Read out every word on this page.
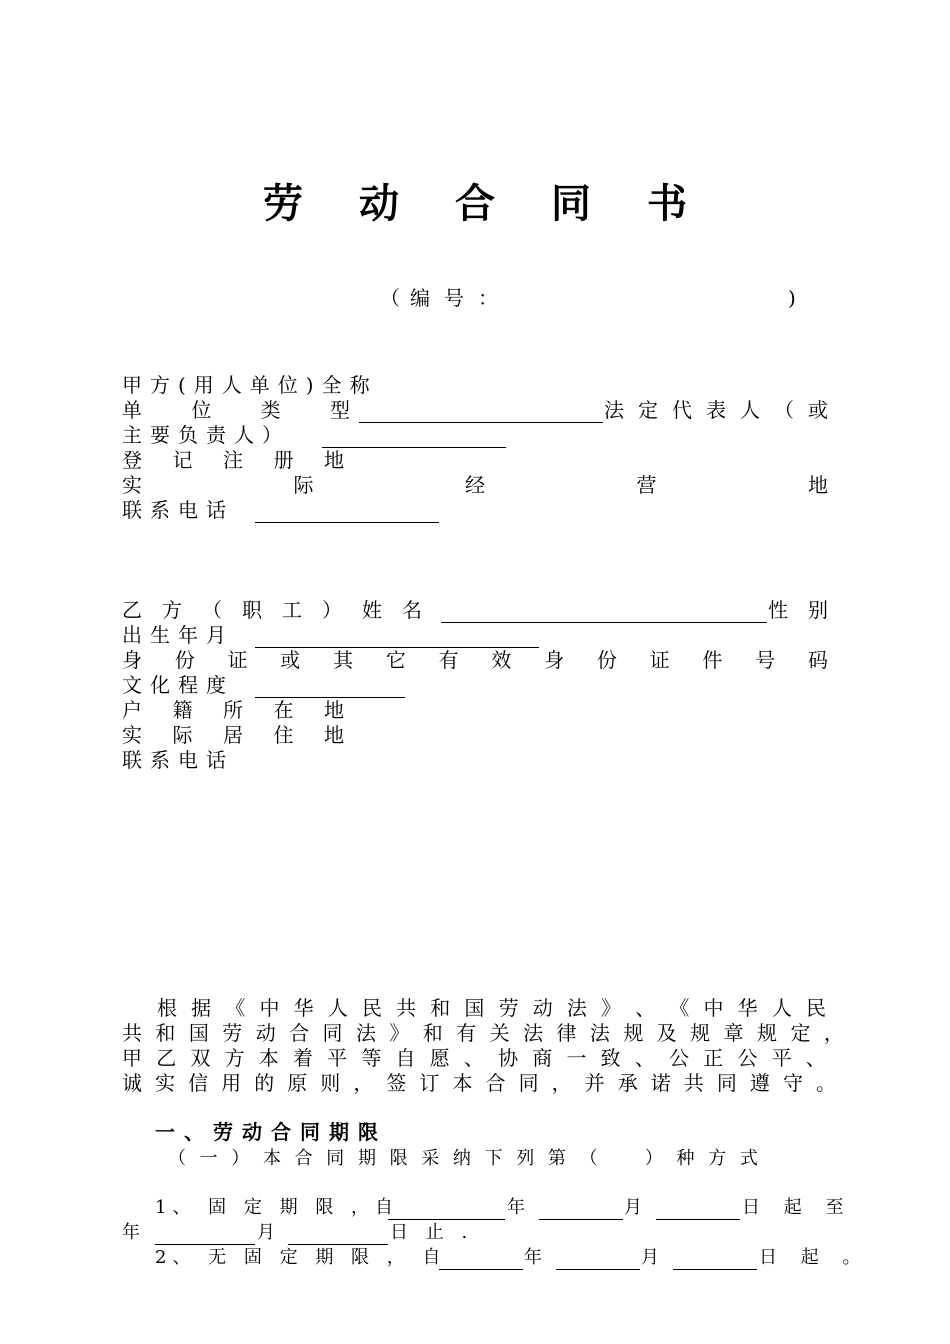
劳动合同书
（ 编 号 ：	)
甲方(用人单位)全称
单 位 类 型	法 定 代 表 人 （ 或
主要负责人）
登 记 注 册 地
实	际	经	营	地
联系电话
乙 方 （ 职 工 ） 姓 名	性 别
出生年月
身 份 证 或 其 它 有 效 身 份 证 件 号 码
文化程度
户 籍 所 在 地
实 际 居 住 地
联系电话
根 据 《 中 华 人 民 共 和 国 劳 动 法 》 、 《 中 华 人 民
共 和 国 劳 动 合 同 法 》 和 有 关 法 律 法 规 及 规 章 规 定 ，
甲 乙 双 方 本 着 平 等 自 愿 、 协 商 一 致 、 公 正 公 平 、
诚 实 信 用 的 原 则 ， 签 订 本 合 同 ， 并 承 诺 共 同 遵 守 。
一、劳动合同期限
（ 一 ） 本 合 同 期 限 采 纳 下 列 第 （	） 种 方 式
1、 固 定 期 限 ，自	年	月	日 起 至
年	月	日 止 .
2、 无 固 定 期 限 ， 自	年	月	日 起 。
